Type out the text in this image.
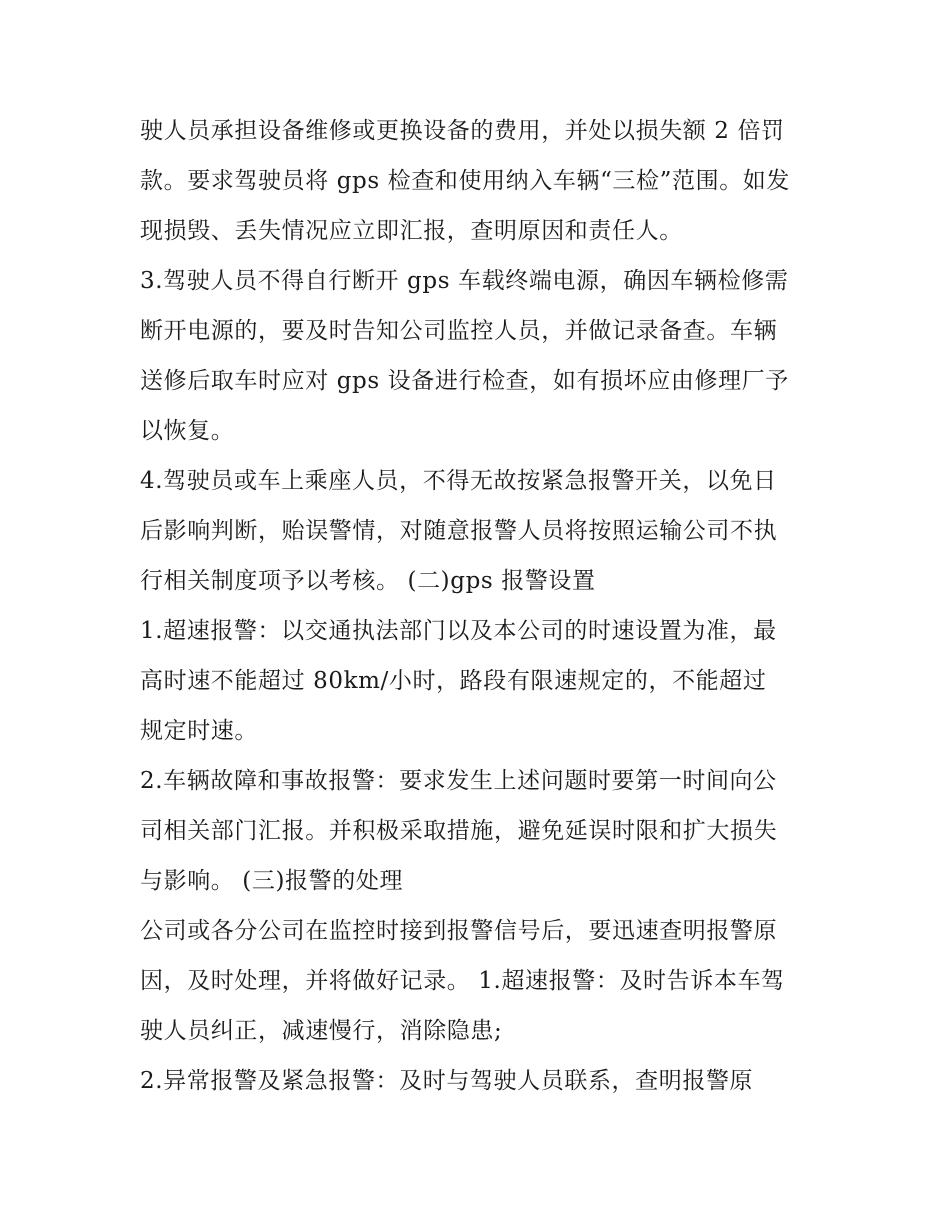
驶人员承担设备维修或更换设备的费用，并处以损失额 2 倍罚
款。要求驾驶员将 gps 检查和使用纳入车辆“三检”范围。如发
现损毁、丢失情况应立即汇报，查明原因和责任人。
3.驾驶人员不得自行断开 gps 车载终端电源，确因车辆检修需
断开电源的，要及时告知公司监控人员，并做记录备查。车辆
送修后取车时应对 gps 设备进行检查，如有损坏应由修理厂予
以恢复。
4.驾驶员或车上乘座人员，不得无故按紧急报警开关，以免日
后影响判断，贻误警情，对随意报警人员将按照运输公司不执
行相关制度项予以考核。 (二)gps 报警设置
1.超速报警：以交通执法部门以及本公司的时速设置为准，最
高时速不能超过 80km/小时，路段有限速规定的，不能超过
规定时速。
2.车辆故障和事故报警：要求发生上述问题时要第一时间向公
司相关部门汇报。并积极采取措施，避免延误时限和扩大损失
与影响。 (三)报警的处理
公司或各分公司在监控时接到报警信号后，要迅速查明报警原
因，及时处理，并将做好记录。 1.超速报警：及时告诉本车驾
驶人员纠正，减速慢行，消除隐患;
2.异常报警及紧急报警：及时与驾驶人员联系，查明报警原
